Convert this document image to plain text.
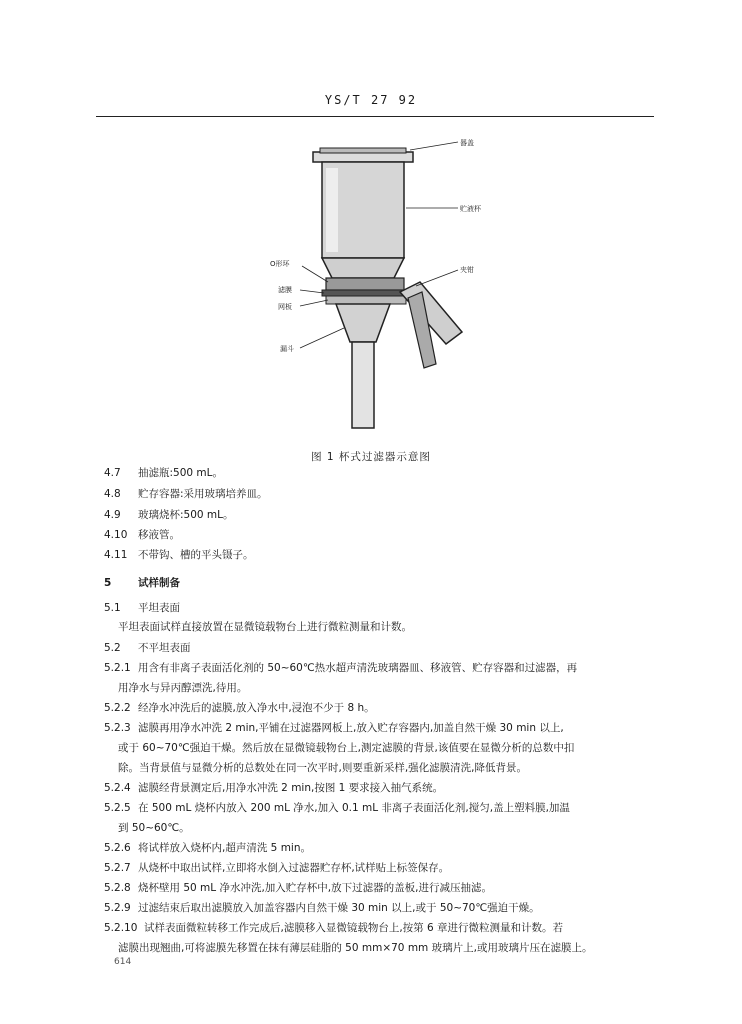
YS/T 27 92
器盖
贮液杯
O形环
滤膜
网板
漏斗
夹钳
图 1 杯式过滤器示意图
4.7 抽滤瓶:500 mL。
4.8 贮存容器:采用玻璃培养皿。
4.9 玻璃烧杯:500 mL。
4.10 移液管。
4.11 不带钩、槽的平头镊子。
5	试样制备
5.1 平坦表面
平坦表面试样直接放置在显微镜载物台上进行微粒测量和计数。
5.2 不平坦表面
5.2.1 用含有非离子表面活化剂的 50~60℃热水超声清洗玻璃器皿、移液管、贮存容器和过滤器，再
用净水与异丙醇漂洗,待用。
5.2.2 经净水冲洗后的滤膜,放入净水中,浸泡不少于 8 h。
5.2.3 滤膜再用净水冲洗 2 min,平铺在过滤器网板上,放入贮存容器内,加盖自然干燥 30 min 以上,
或于 60~70℃强迫干燥。然后放在显微镜载物台上,测定滤膜的背景,该值要在显微分析的总数中扣
除。当背景值与显微分析的总数处在同一次平时,则要重新采样,强化滤膜清洗,降低背景。
5.2.4 滤膜经背景测定后,用净水冲洗 2 min,按图 1 要求接入抽气系统。
5.2.5 在 500 mL 烧杯内放入 200 mL 净水,加入 0.1 mL 非离子表面活化剂,搅匀,盖上塑料膜,加温
到 50~60℃。
5.2.6 将试样放入烧杯内,超声清洗 5 min。
5.2.7 从烧杯中取出试样,立即将水倒入过滤器贮存杯,试样贴上标签保存。
5.2.8 烧杯壁用 50 mL 净水冲洗,加入贮存杯中,放下过滤器的盖板,进行减压抽滤。
5.2.9 过滤结束后取出滤膜放入加盖容器内自然干燥 30 min 以上,或于 50~70℃强迫干燥。
5.2.10 试样表面微粒转移工作完成后,滤膜移入显微镜载物台上,按第 6 章进行微粒测量和计数。若
滤膜出现翘曲,可将滤膜先移置在抹有薄层硅脂的 50 mm×70 mm 玻璃片上,或用玻璃片压在滤膜上。
614
